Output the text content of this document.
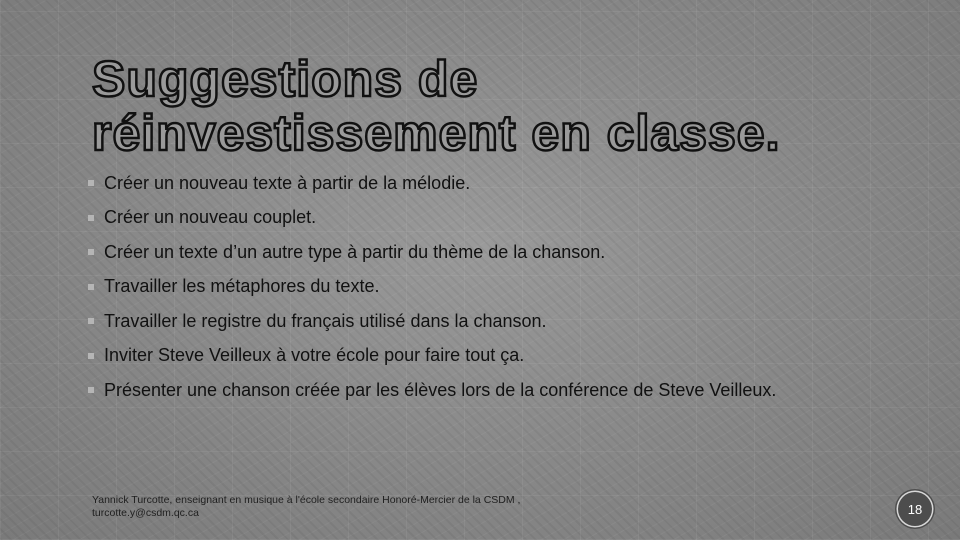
Suggestions de réinvestissement en classe.
Créer un nouveau texte à partir de la mélodie.
Créer un nouveau couplet.
Créer un texte d’un autre type à partir du thème de la chanson.
Travailler les métaphores du texte.
Travailler le registre du français utilisé dans la chanson.
Inviter Steve Veilleux à votre école pour faire tout ça.
Présenter une chanson créée par les élèves lors de la conférence de Steve Veilleux.
Yannick Turcotte, enseignant en musique à l'école secondaire Honoré-Mercier de la CSDM ,
turcotte.y@csdm.qc.ca	18
